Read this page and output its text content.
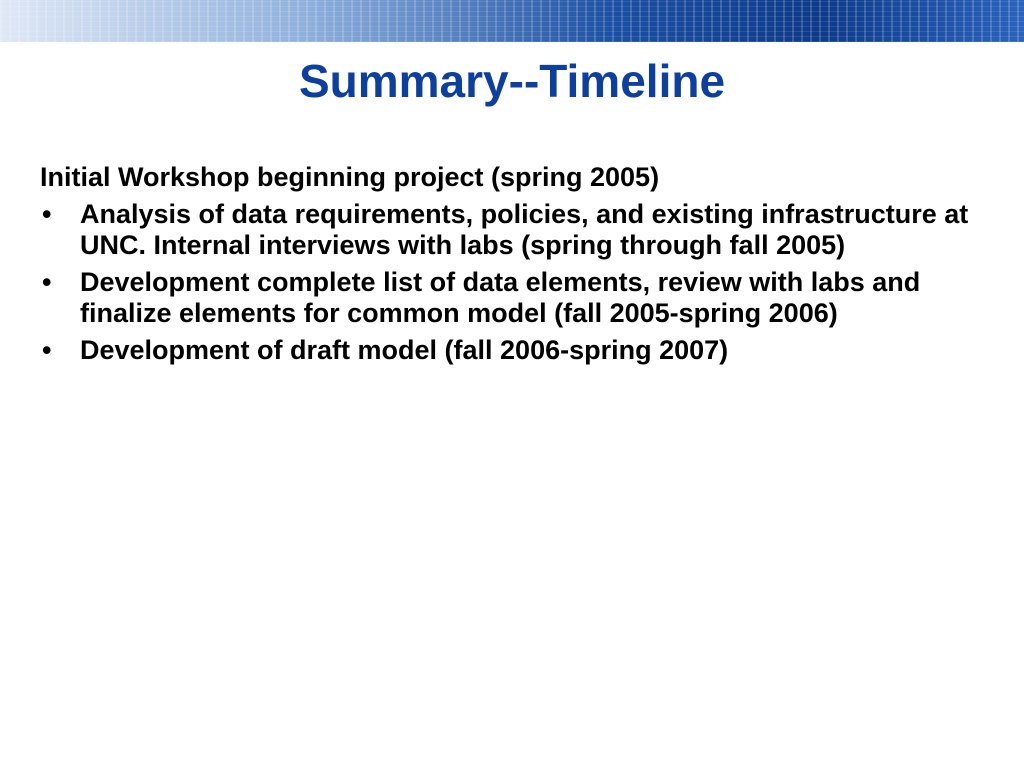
Summary--Timeline
Initial Workshop beginning project (spring 2005)
• Analysis of data requirements, policies, and existing infrastructure at UNC. Internal interviews with labs (spring through fall 2005)
• Development complete list of data elements, review with labs and finalize elements for common model (fall 2005-spring 2006)
• Development of draft model (fall 2006-spring 2007)
